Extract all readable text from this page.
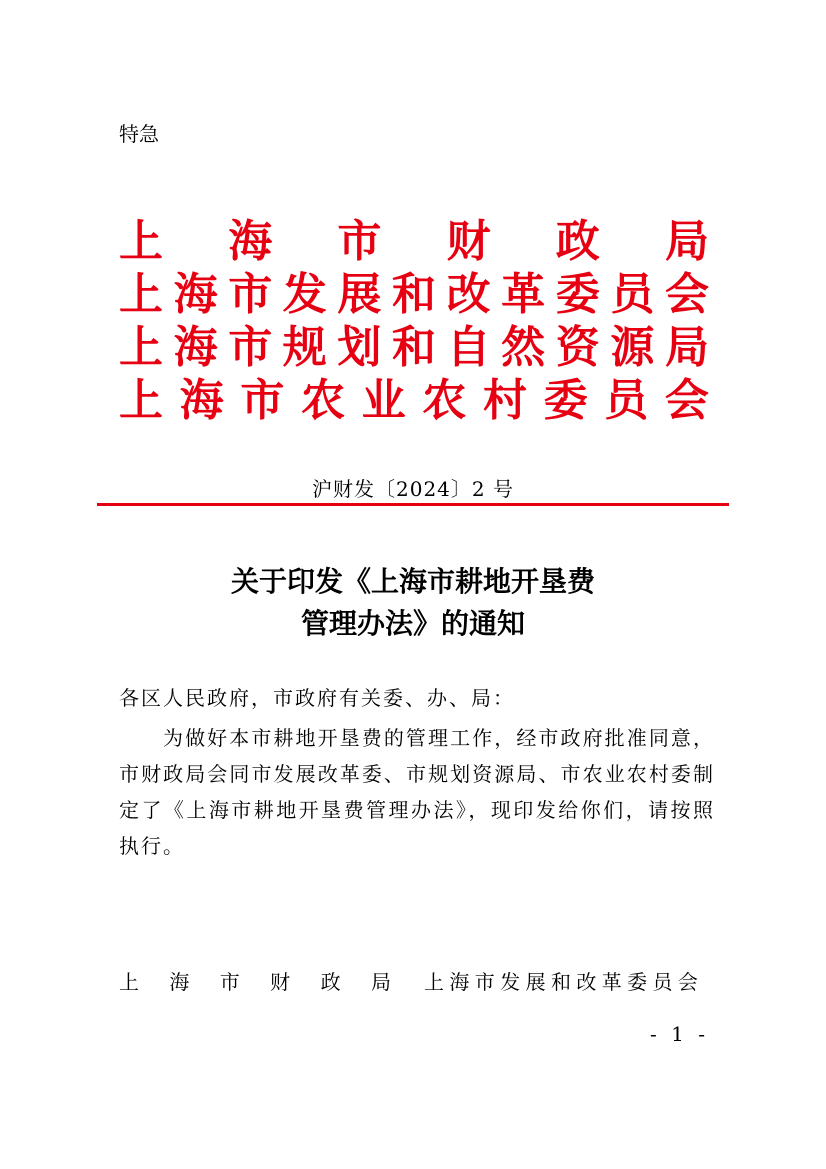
特急
上 海 市 财 政 局
上 海 市 发 展 和 改 革 委 员 会
上 海 市 规 划 和 自 然 资 源 局
上 海 市 农 业 农 村 委 员 会
沪财发〔2024〕2 号
关于印发《上海市耕地开垦费
管理办法》的通知
各区人民政府，市政府有关委、办、局：
为做好本市耕地开垦费的管理工作，经市政府批准同意，市财政局会同市发展改革委、市规划资源局、市农业农村委制定了《上海市耕地开垦费管理办法》，现印发给你们，请按照执行。
上 海 市 财 政 局 上 海 市 发 展 和 改 革 委 员 会
- 1 -
